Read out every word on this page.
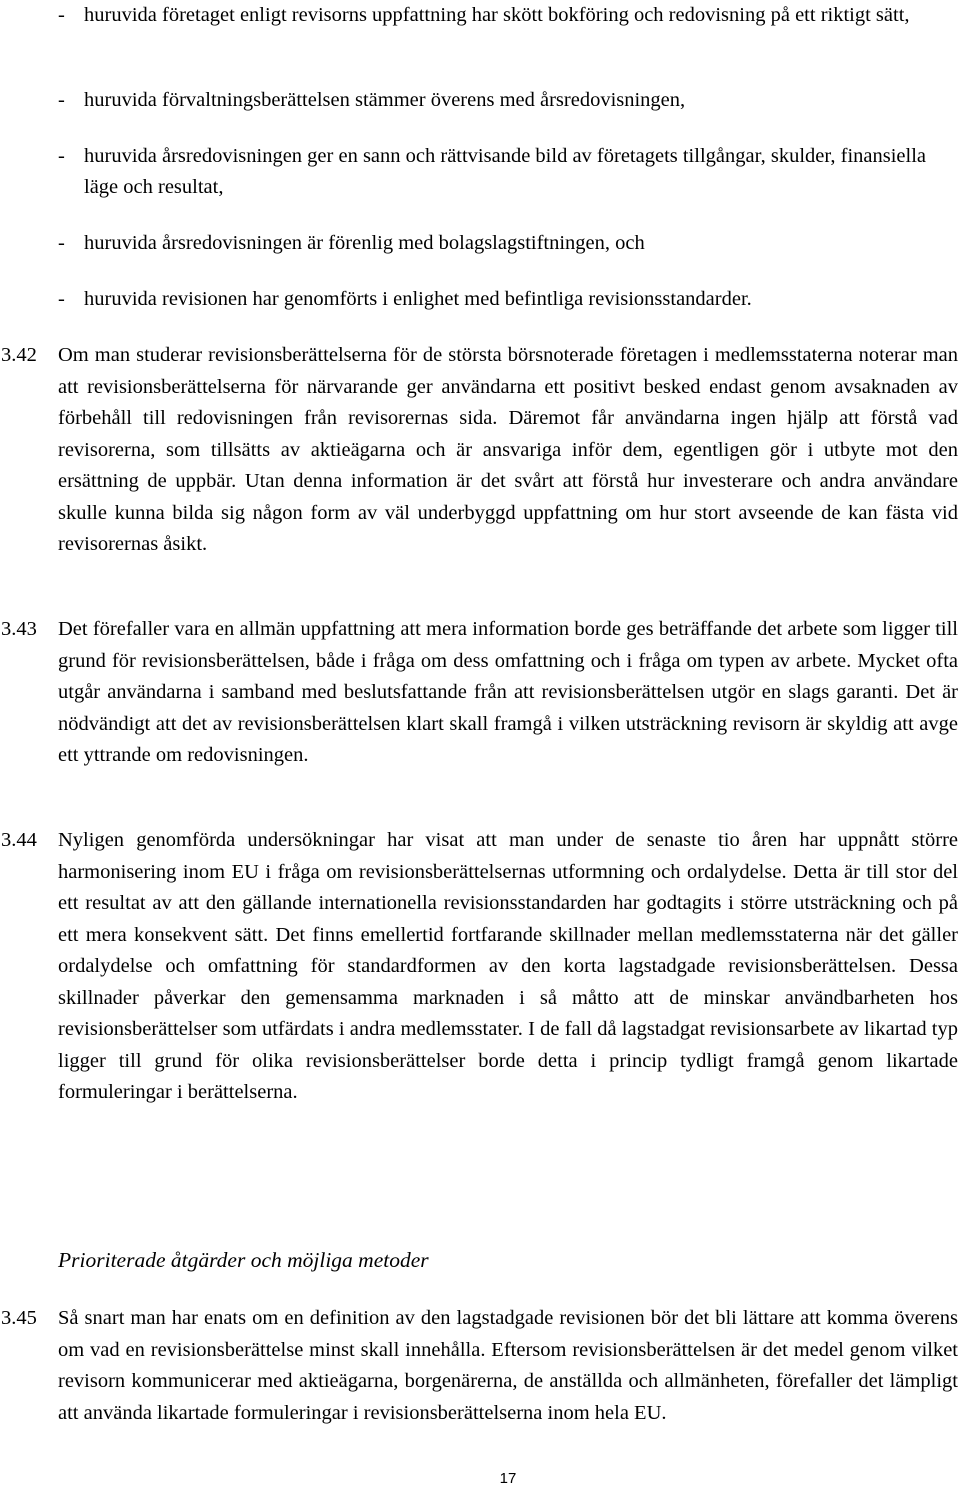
- huruvida företaget enligt revisorns uppfattning har skött bokföring och redovisning på ett riktigt sätt,
- huruvida förvaltningsberättelsen stämmer överens med årsredovisningen,
- huruvida årsredovisningen ger en sann och rättvisande bild av företagets tillgångar, skulder, finansiella läge och resultat,
- huruvida årsredovisningen är förenlig med bolagslagstiftningen, och
- huruvida revisionen har genomförts i enlighet med befintliga revisionsstandarder.
3.42 Om man studerar revisionsberättelserna för de största börsnoterade företagen i medlemsstaterna noterar man att revisionsberättelserna för närvarande ger användarna ett positivt besked endast genom avsaknaden av förbehåll till redovisningen från revisorernas sida. Däremot får användarna ingen hjälp att förstå vad revisorerna, som tillsätts av aktieägarna och är ansvariga inför dem, egentligen gör i utbyte mot den ersättning de uppbär. Utan denna information är det svårt att förstå hur investerare och andra användare skulle kunna bilda sig någon form av väl underbyggd uppfattning om hur stort avseende de kan fästa vid revisorernas åsikt.
3.43 Det förefaller vara en allmän uppfattning att mera information borde ges beträffande det arbete som ligger till grund för revisionsberättelsen, både i fråga om dess omfattning och i fråga om typen av arbete. Mycket ofta utgår användarna i samband med beslutsfattande från att revisionsberättelsen utgör en slags garanti. Det är nödvändigt att det av revisionsberättelsen klart skall framgå i vilken utsträckning revisorn är skyldig att avge ett yttrande om redovisningen.
3.44 Nyligen genomförda undersökningar har visat att man under de senaste tio åren har uppnått större harmonisering inom EU i fråga om revisionsberättelsernas utformning och ordalydelse. Detta är till stor del ett resultat av att den gällande internationella revisionsstandarden har godtagits i större utsträckning och på ett mera konsekvent sätt. Det finns emellertid fortfarande skillnader mellan medlemsstaterna när det gäller ordalydelse och omfattning för standardformen av den korta lagstadgade revisionsberättelsen. Dessa skillnader påverkar den gemensamma marknaden i så måtto att de minskar användbarheten hos revisionsberättelser som utfärdats i andra medlemsstater. I de fall då lagstadgat revisionsarbete av likartad typ ligger till grund för olika revisionsberättelser borde detta i princip tydligt framgå genom likartade formuleringar i berättelserna.
Prioriterade åtgärder och möjliga metoder
3.45 Så snart man har enats om en definition av den lagstadgade revisionen bör det bli lättare att komma överens om vad en revisionsberättelse minst skall innehålla. Eftersom revisionsberättelsen är det medel genom vilket revisorn kommunicerar med aktieägarna, borgenärerna, de anställda och allmänheten, förefaller det lämpligt att använda likartade formuleringar i revisionsberättelserna inom hela EU.
17
